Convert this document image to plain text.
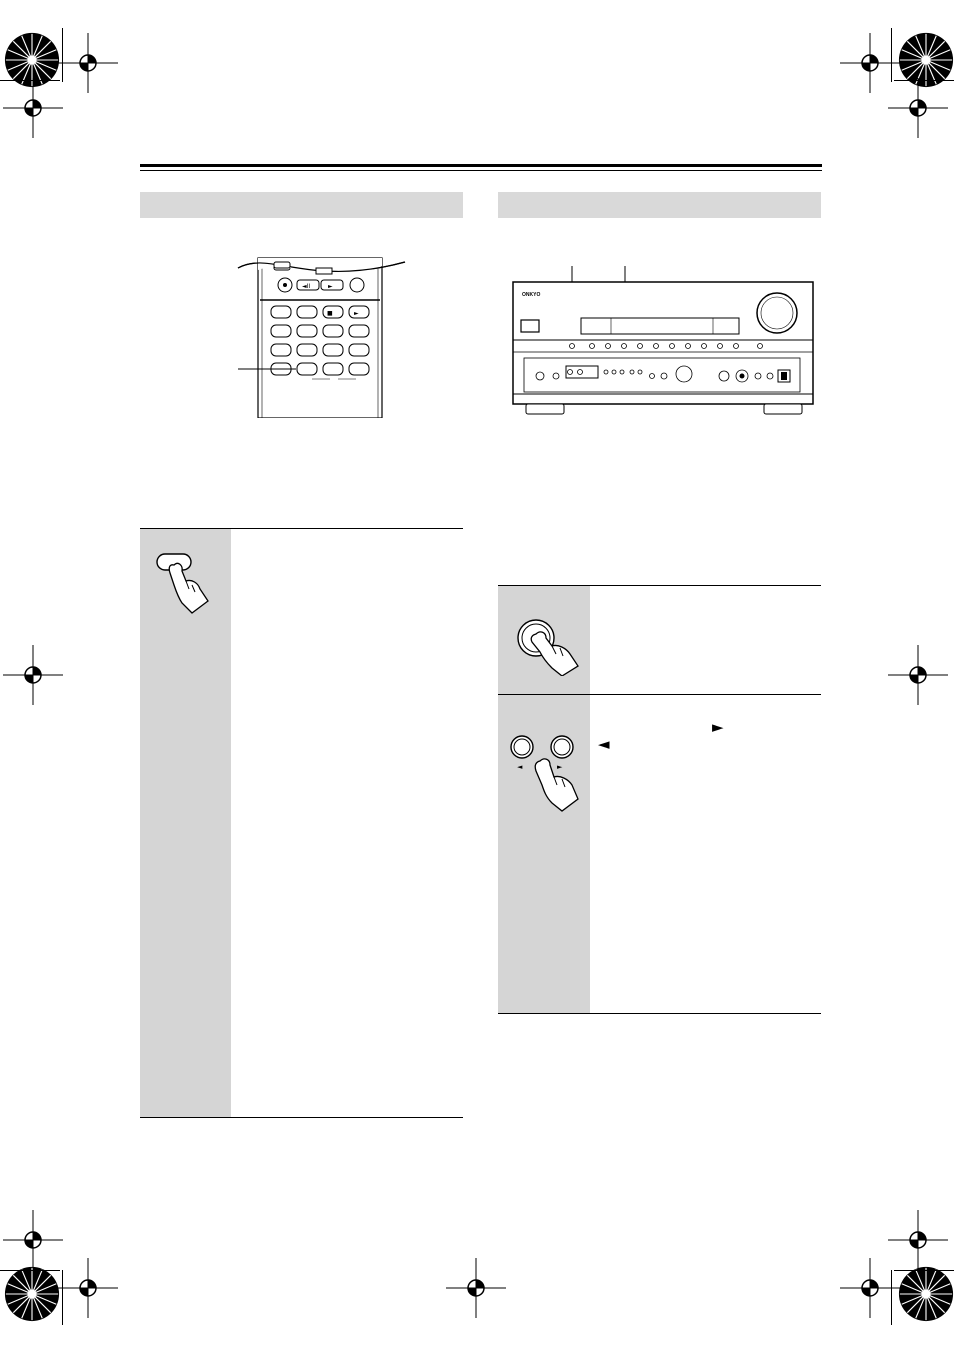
◄II	►
■	►
ONKYO
◄	►
►
◄
